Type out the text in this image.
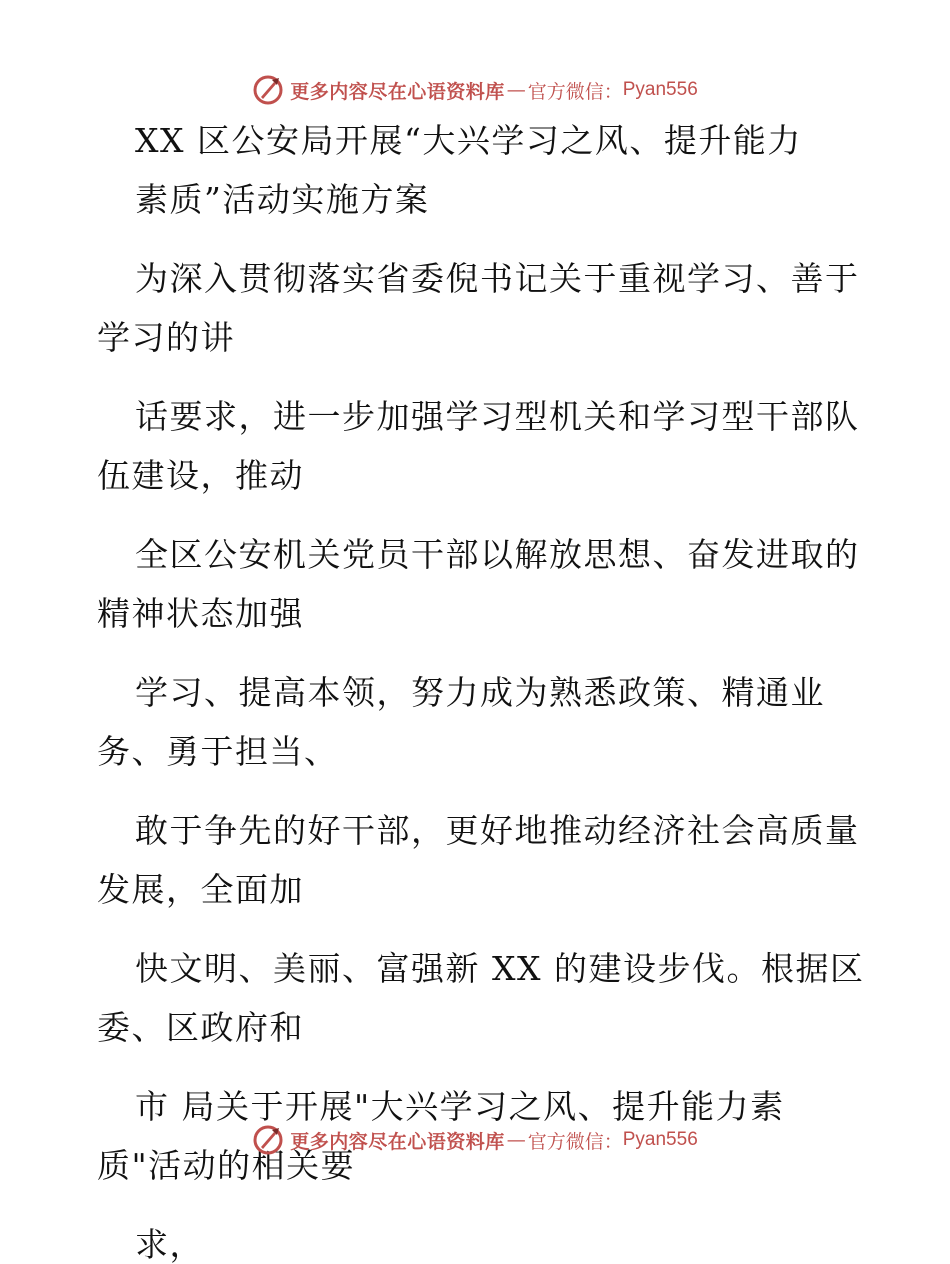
更多内容尽在心语资料库 — 官方微信： Pyan556
XX 区公安局开展“大兴学习之风、提升能力
素质”活动实施方案
为深入贯彻落实省委倪书记关于重视学习、善于
学习的讲
话要求，进一步加强学习型机关和学习型干部队
伍建设，推动
全区公安机关党员干部以解放思想、奋发进取的
精神状态加强
学习、提高本领，努力成为熟悉政策、精通业
务、勇于担当、
敢于争先的好干部，更好地推动经济社会高质量
发展，全面加
快文明、美丽、富强新 XX 的建设步伐。根据区
委、区政府和
市 局关于开展"大兴学习之风、提升能力素
质"活动的相关要
求，
更多内容尽在心语资料库 — 官方微信： Pyan556
